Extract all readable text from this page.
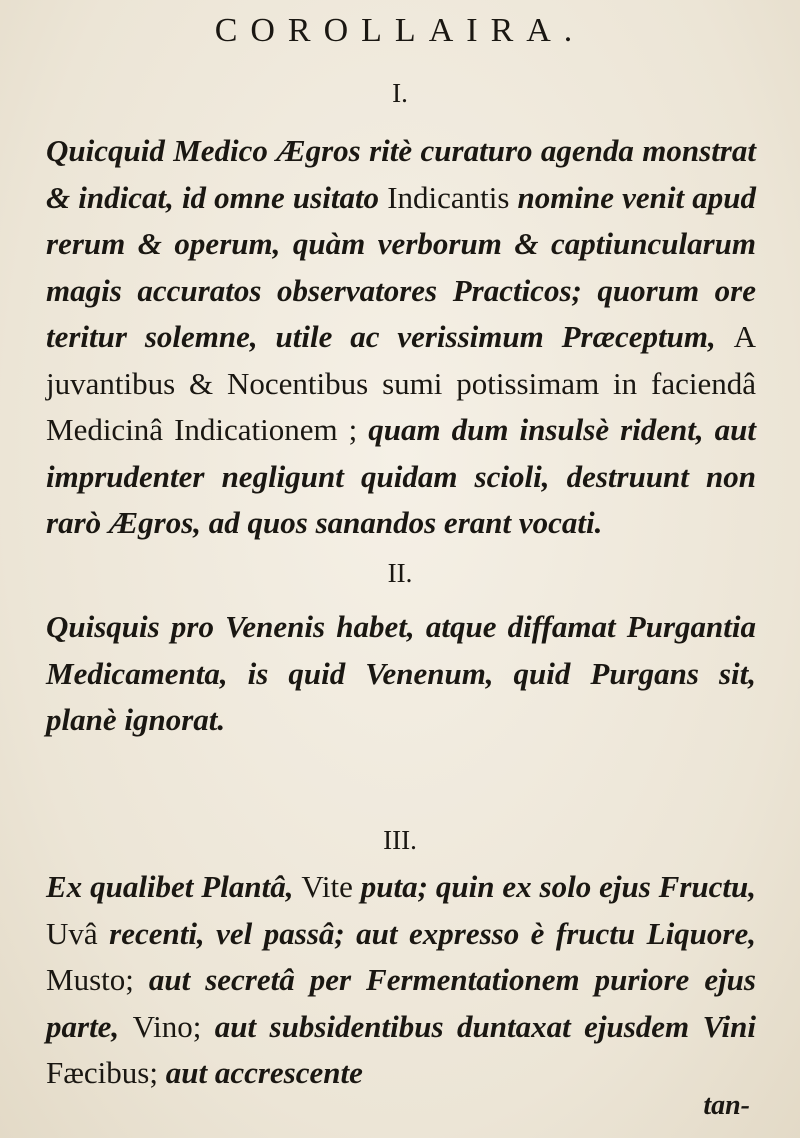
COROLLAIRA.
I.
Quicquid Medico Ægros ritè curaturo agenda monstrat & indicat, id omne usitato Indicantis nomine venit apud rerum & operum, quàm verborum & captiuncularum magis accuratos observatores Practicos; quorum ore teritur solemne, utile ac verissimum Præceptum, A juvantibus & Nocentibus sumi potissimam in faciendâ Medicinâ Indicationem ; quam dum insulsè rident, aut imprudenter negligunt quidam scioli, destruunt non rarò Ægros, ad quos sanandos erant vocati.
II.
Quisquis pro Venenis habet, atque diffamat Purgantia Medicamenta, is quid Venenum, quid Purgans sit, planè ignorat.
III.
Ex qualibet Plantâ, Vite puta; quin ex solo ejus Fructu, Uvâ recenti, vel passâ; aut expresso è fructu Liquore, Musto; aut secretâ per Fermentationem puriore ejus parte, Vino; aut subsidentibus duntaxat ejusdem Vini Fæcibus; aut accrescente
tan-
